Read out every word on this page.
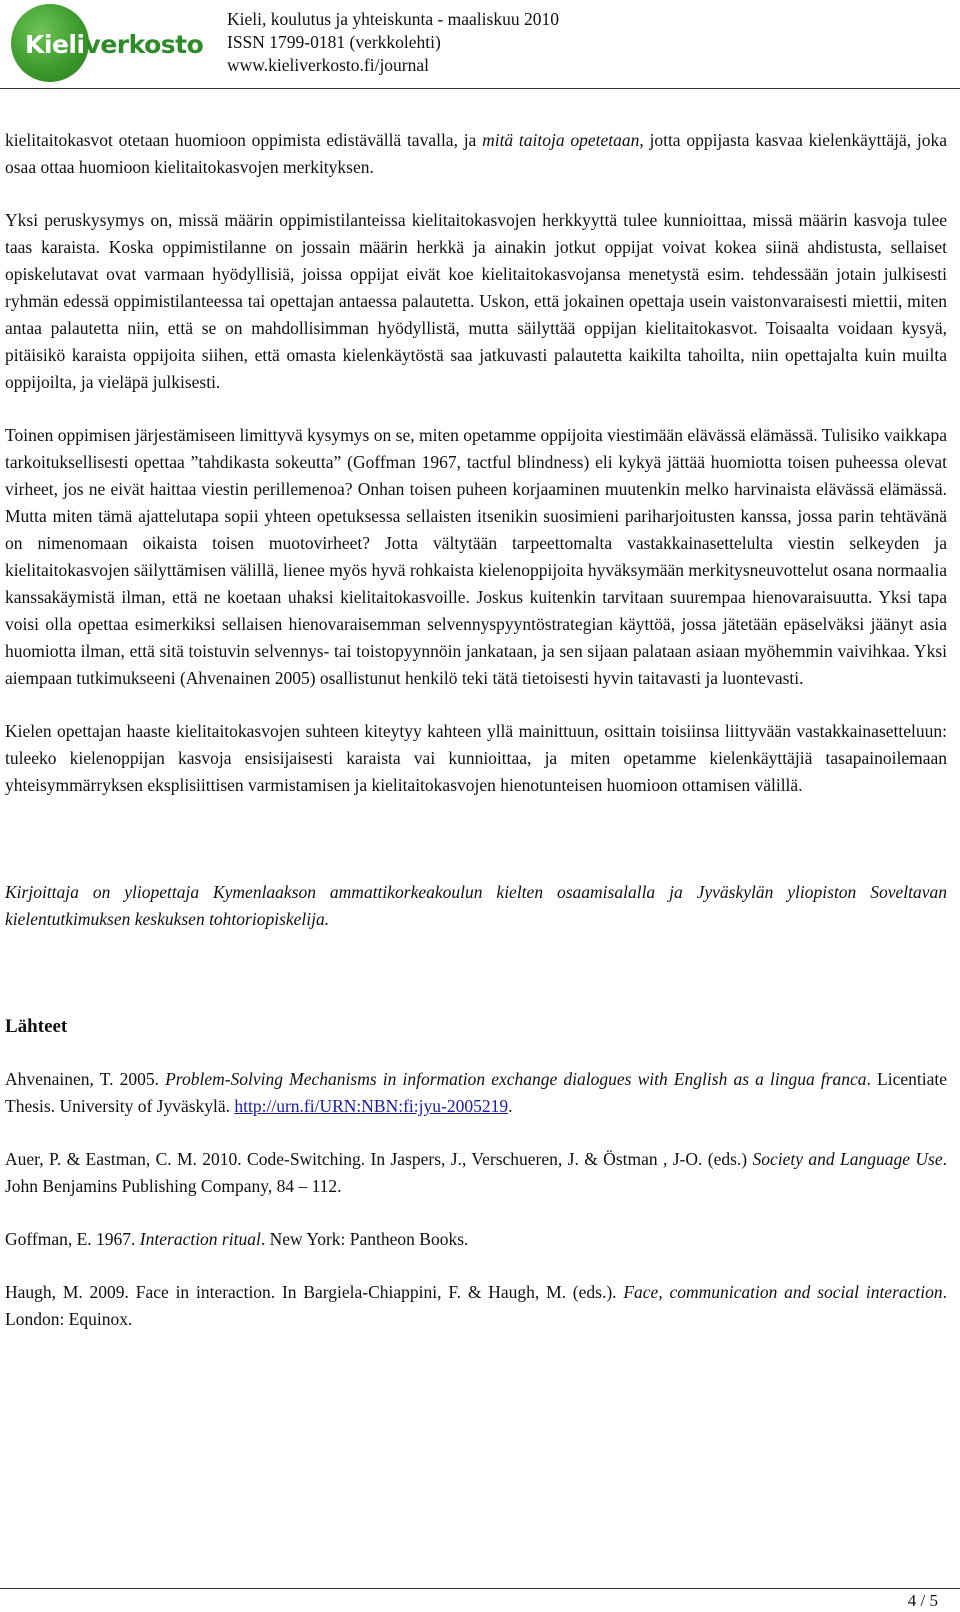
Kieliverkosto
Kieli, koulutus ja yhteiskunta - maaliskuu 2010
ISSN 1799-0181 (verkkolehti)
www.kieliverkosto.fi/journal

kielitaitokasvot otetaan huomioon oppimista edistävällä tavalla, ja mitä taitoja opetetaan, jotta oppijasta kasvaa kielenkäyttäjä, joka osaa ottaa huomioon kielitaitokasvojen merkityksen.

Yksi peruskysymys on, missä määrin oppimistilanteissa kielitaitokasvojen herkkyyttä tulee kunnioittaa, missä määrin kasvoja tulee taas karaista. Koska oppimistilanne on jossain määrin herkkä ja ainakin jotkut oppijat voivat kokea siinä ahdistusta, sellaiset opiskelutavat ovat varmaan hyödyllisiä, joissa oppijat eivät koe kielitaitokasvojansa menetystä esim. tehdessään jotain julkisesti ryhmän edessä oppimistilanteessa tai opettajan antaessa palautetta. Uskon, että jokainen opettaja usein vaistonvaraisesti miettii, miten antaa palautetta niin, että se on mahdollisimman hyödyllistä, mutta säilyttää oppijan kielitaitokasvot. Toisaalta voidaan kysyä, pitäisikö karaista oppijoita siihen, että omasta kielenkäytöstä saa jatkuvasti palautetta kaikilta tahoilta, niin opettajalta kuin muilta oppijoilta, ja vieläpä julkisesti.

Toinen oppimisen järjestämiseen limittyvä kysymys on se, miten opetamme oppijoita viestimään elävässä elämässä. Tulisiko vaikkapa tarkoituksellisesti opettaa ”tahdikasta sokeutta” (Goffman 1967, tactful blindness) eli kykyä jättää huomiotta toisen puheessa olevat virheet, jos ne eivät haittaa viestin perillemenoa? Onhan toisen puheen korjaaminen muutenkin melko harvinaista elävässä elämässä. Mutta miten tämä ajattelutapa sopii yhteen opetuksessa sellaisten itsenikin suosimieni pariharjoitusten kanssa, jossa parin tehtävänä on nimenomaan oikaista toisen muotovirheet? Jotta vältytään tarpeettomalta vastakkainasettelulta viestin selkeyden ja kielitaitokasvojen säilyttämisen välillä, lienee myös hyvä rohkaista kielenoppijoita hyväksymään merkitysneuvottelut osana normaalia kanssakäymistä ilman, että ne koetaan uhaksi kielitaitokasvoille. Joskus kuitenkin tarvitaan suurempaa hienovaraisuutta. Yksi tapa voisi olla opettaa esimerkiksi sellaisen hienovaraisemman selvennyspyyntöstrategian käyttöä, jossa jätetään epäselväksi jäänyt asia huomiotta ilman, että sitä toistuvin selvennys- tai toistopyynnöin jankataan, ja sen sijaan palataan asiaan myöhemmin vaivihkaa. Yksi aiempaan tutkimukseeni (Ahvenainen 2005) osallistunut henkilö teki tätä tietoisesti hyvin taitavasti ja luontevasti.

Kielen opettajan haaste kielitaitokasvojen suhteen kiteytyy kahteen yllä mainittuun, osittain toisiinsa liittyvään vastakkainasetteluun: tuleeko kielenoppijan kasvoja ensisijaisesti karaista vai kunnioittaa, ja miten opetamme kielenkäyttäjiä tasapainoilemaan yhteisymmärryksen eksplisiittisen varmistamisen ja kielitaitokasvojen hienotunteisen huomioon ottamisen välillä.

Kirjoittaja on yliopettaja Kymenlaakson ammattikorkeakoulun kielten osaamisalalla ja Jyväskylän yliopiston Soveltavan kielentutkimuksen keskuksen tohtoriopiskelija.

Lähteet

Ahvenainen, T. 2005. Problem-Solving Mechanisms in information exchange dialogues with English as a lingua franca. Licentiate Thesis. University of Jyväskylä. http://urn.fi/URN:NBN:fi:jyu-2005219.

Auer, P. & Eastman, C. M. 2010. Code-Switching. In Jaspers, J., Verschueren, J. & Östman , J-O. (eds.) Society and Language Use. John Benjamins Publishing Company, 84 – 112.

Goffman, E. 1967. Interaction ritual. New York: Pantheon Books.

Haugh, M. 2009. Face in interaction. In Bargiela-Chiappini, F. & Haugh, M. (eds.). Face, communication and social interaction. London: Equinox.

4 / 5
